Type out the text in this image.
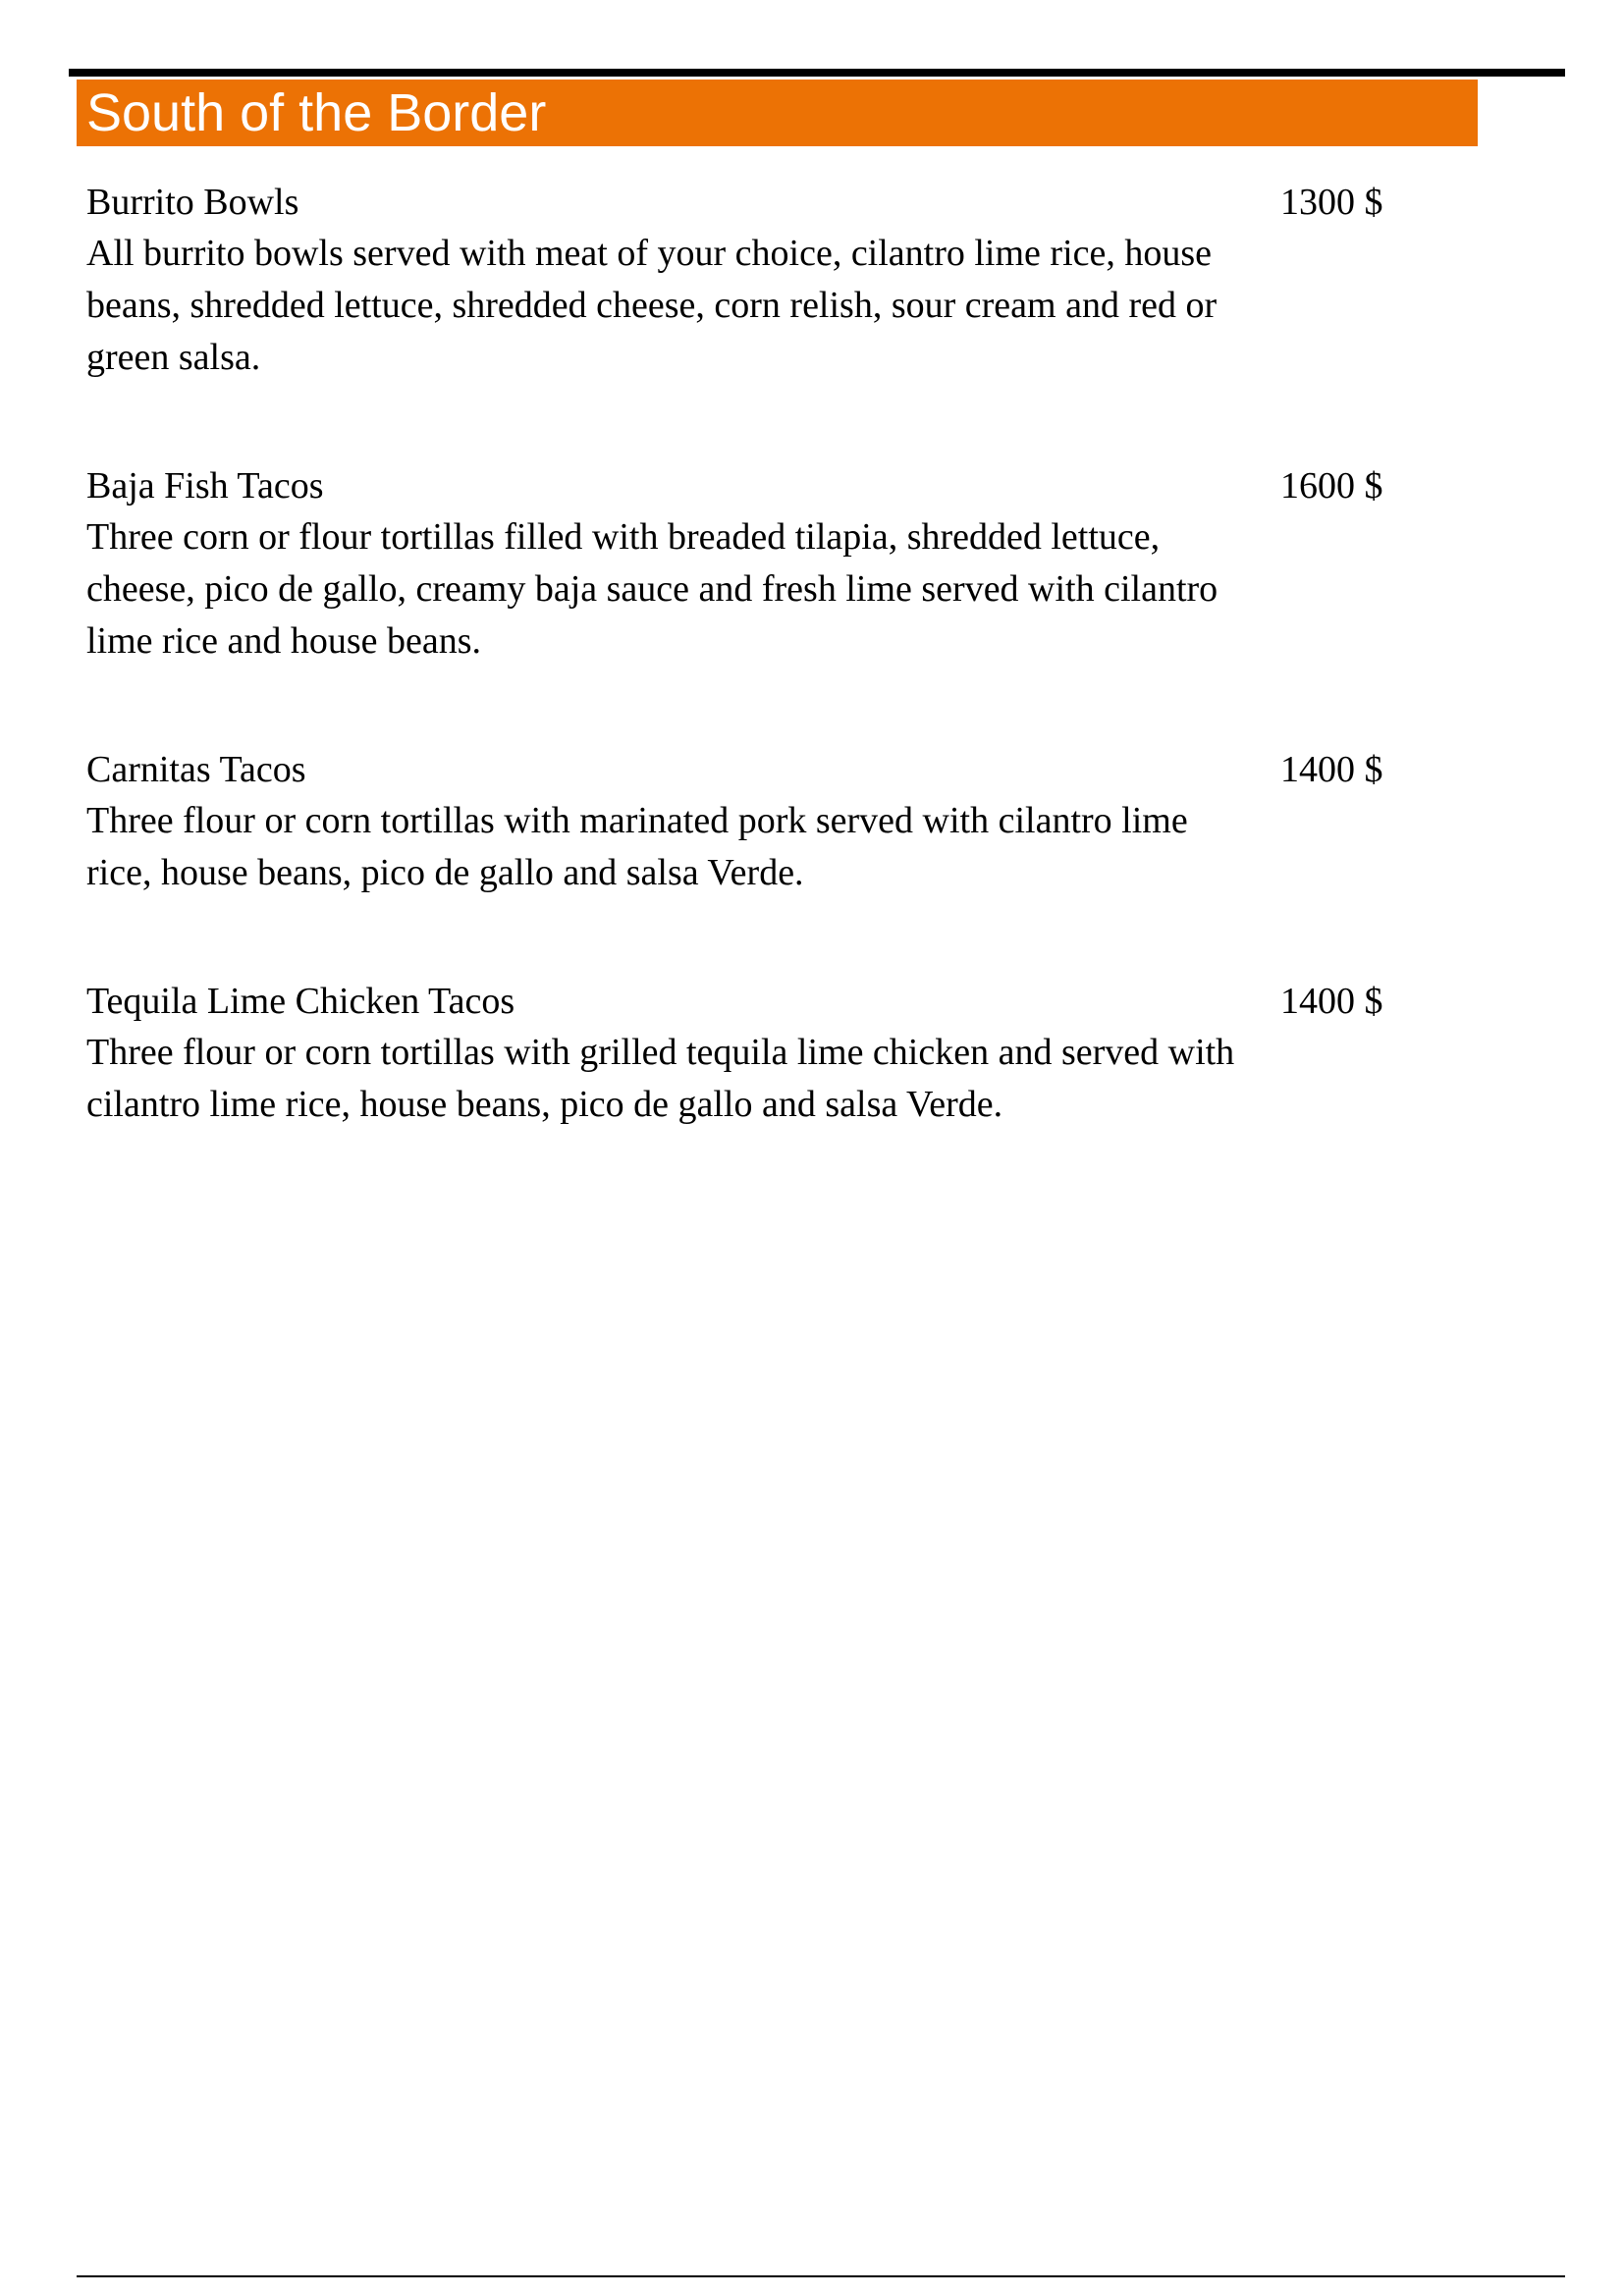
South of the Border
Burrito Bowls	1300 $
All burrito bowls served with meat of your choice, cilantro lime rice, house beans, shredded lettuce, shredded cheese, corn relish, sour cream and red or green salsa.
Baja Fish Tacos	1600 $
Three corn or flour tortillas filled with breaded tilapia, shredded lettuce, cheese, pico de gallo, creamy baja sauce and fresh lime served with cilantro lime rice and house beans.
Carnitas Tacos	1400 $
Three flour or corn tortillas with marinated pork served with cilantro lime rice, house beans, pico de gallo and salsa Verde.
Tequila Lime Chicken Tacos	1400 $
Three flour or corn tortillas with grilled tequila lime chicken and served with cilantro lime rice, house beans, pico de gallo and salsa Verde.
